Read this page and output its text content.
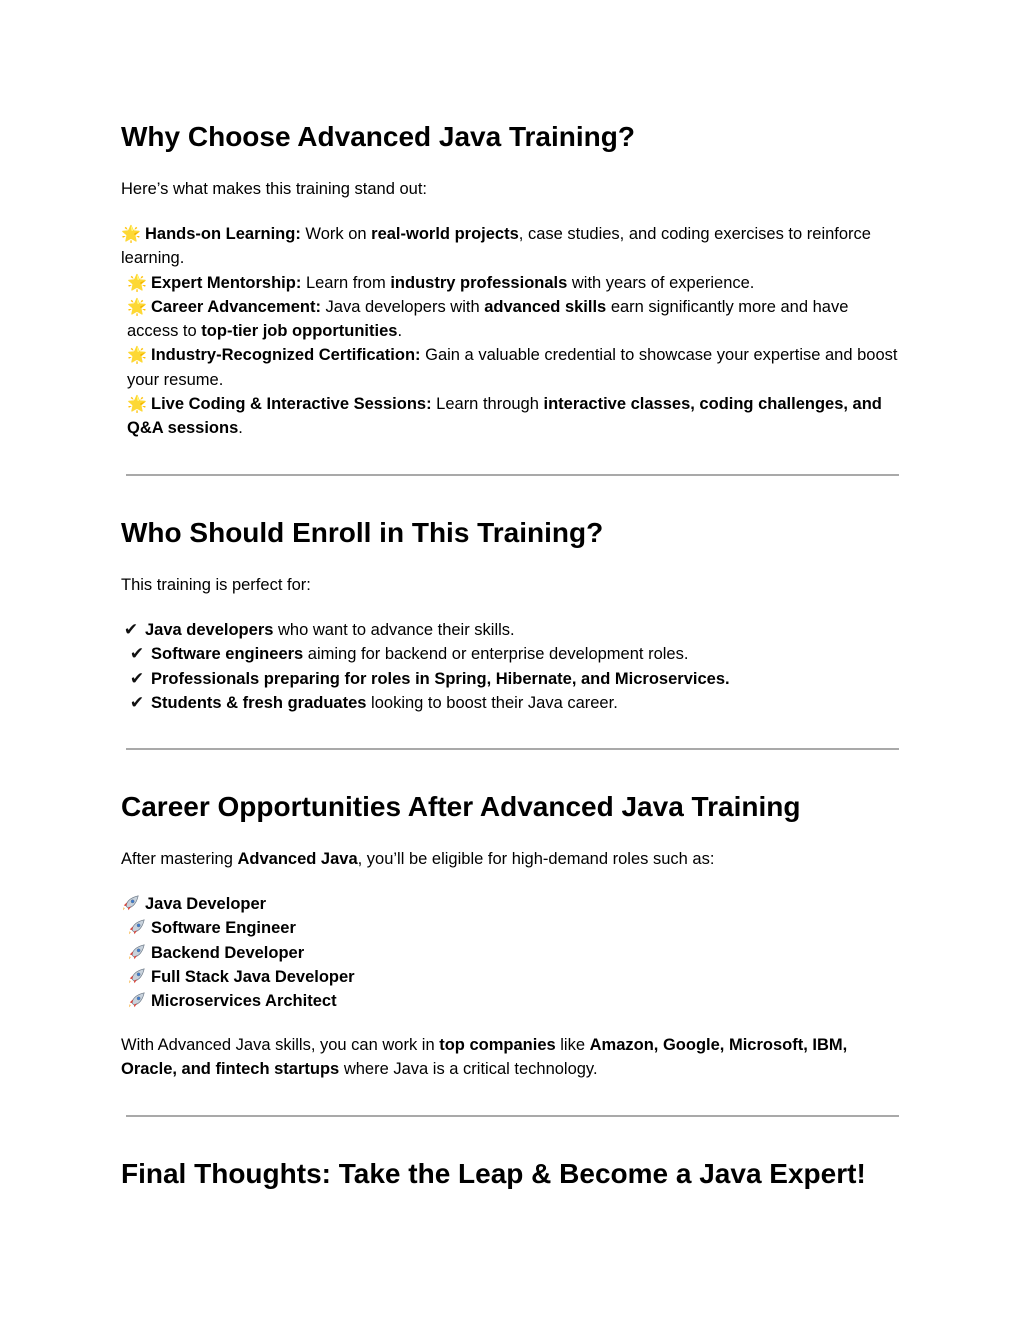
Why Choose Advanced Java Training?

Here’s what makes this training stand out:

🌟 Hands-on Learning: Work on real-world projects, case studies, and coding exercises to reinforce learning.
🌟 Expert Mentorship: Learn from industry professionals with years of experience.
🌟 Career Advancement: Java developers with advanced skills earn significantly more and have access to top-tier job opportunities.
🌟 Industry-Recognized Certification: Gain a valuable credential to showcase your expertise and boost your resume.
🌟 Live Coding & Interactive Sessions: Learn through interactive classes, coding challenges, and Q&A sessions.
Who Should Enroll in This Training?

This training is perfect for:

✔ Java developers who want to advance their skills.
✔ Software engineers aiming for backend or enterprise development roles.
✔ Professionals preparing for roles in Spring, Hibernate, and Microservices.
✔ Students & fresh graduates looking to boost their Java career.
Career Opportunities After Advanced Java Training

After mastering Advanced Java, you’ll be eligible for high-demand roles such as:

Java Developer
Software Engineer
Backend Developer
Full Stack Java Developer
Microservices Architect

With Advanced Java skills, you can work in top companies like Amazon, Google, Microsoft, IBM, Oracle, and fintech startups where Java is a critical technology.

Final Thoughts: Take the Leap & Become a Java Expert!
